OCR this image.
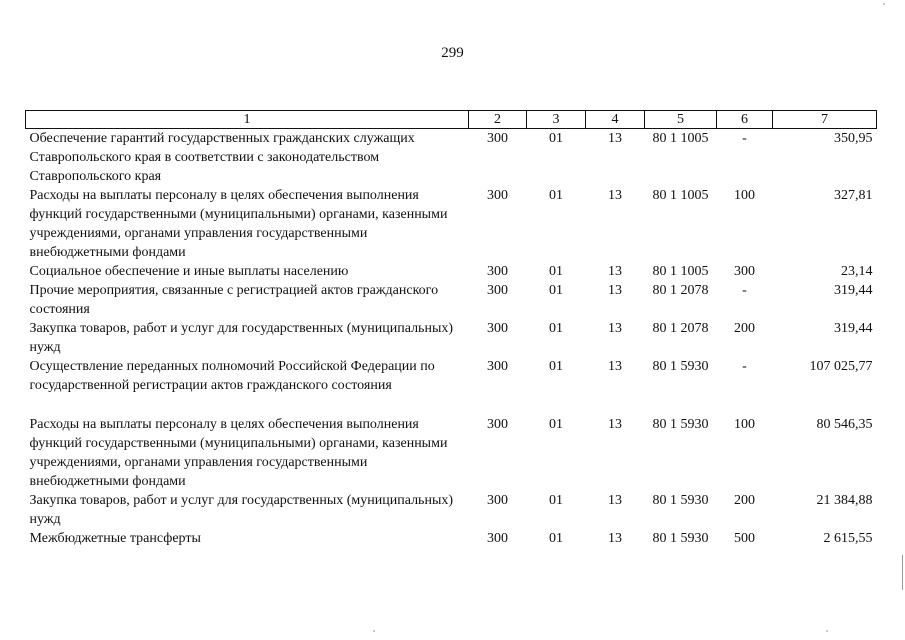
299
1	2	3	4	5	6	7
Обеспечение гарантий государственных гражданских служащих Ставропольского края в соответствии с законодательством Ставропольского края	300	01	13	80 1 1005	-	350,95
Расходы на выплаты персоналу в целях обеспечения выполнения функций государственными (муниципальными) органами, казенными учреждениями, органами управления государственными внебюджетными фондами	300	01	13	80 1 1005	100	327,81
Социальное обеспечение и иные выплаты населению	300	01	13	80 1 1005	300	23,14
Прочие мероприятия, связанные с регистрацией актов гражданского состояния	300	01	13	80 1 2078	-	319,44
Закупка товаров, работ и услуг для государственных (муниципальных) нужд	300	01	13	80 1 2078	200	319,44
Осуществление переданных полномочий Российской Федерации по государственной регистрации актов гражданского состояния	300	01	13	80 1 5930	-	107 025,77
Расходы на выплаты персоналу в целях обеспечения выполнения функций государственными (муниципальными) органами, казенными учреждениями, органами управления государственными внебюджетными фондами	300	01	13	80 1 5930	100	80 546,35
Закупка товаров, работ и услуг для государственных (муниципальных) нужд	300	01	13	80 1 5930	200	21 384,88
Межбюджетные трансферты	300	01	13	80 1 5930	500	2 615,55
